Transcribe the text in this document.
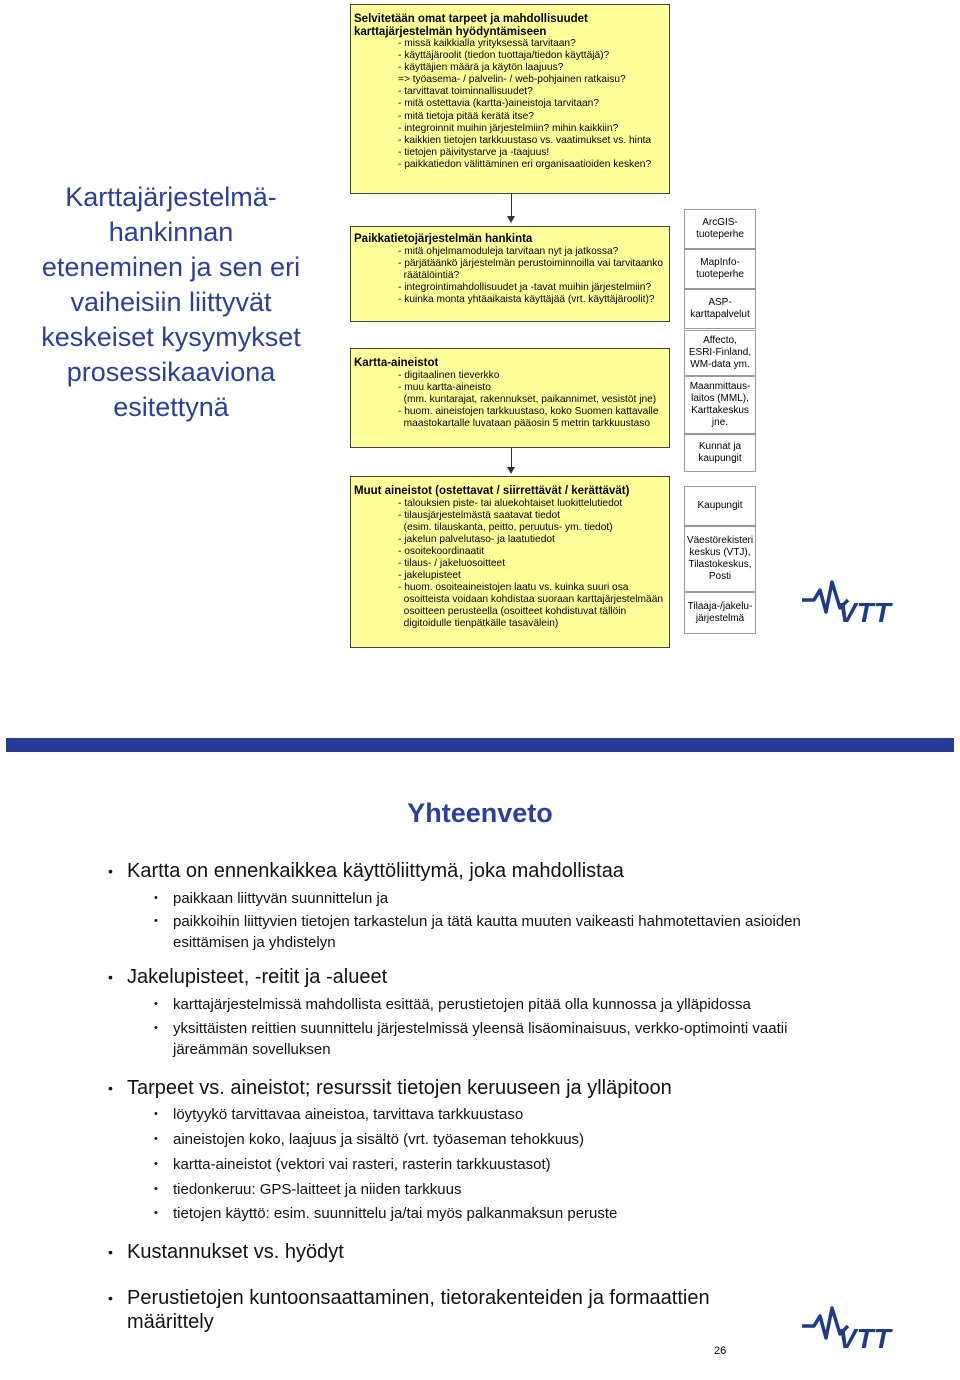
Karttajärjestelmä-
hankinnan
eteneminen ja sen eri
vaiheisiin liittyvät
keskeiset kysymykset
prosessikaaviona
esitettynä
Selvitetään omat tarpeet ja mahdollisuudet
karttajärjestelmän hyödyntämiseen
- missä kaikkialla yrityksessä tarvitaan?
- käyttäjäroolit (tiedon tuottaja/tiedon käyttäjä)?
- käyttäjien määrä ja käytön laajuus?
=> työasema- / palvelin- / web-pohjainen ratkaisu?
- tarvittavat toiminnallisuudet?
- mitä ostettavia (kartta-)aineistoja tarvitaan?
- mitä tietoja pitää kerätä itse?
- integroinnit muihin järjestelmiin? mihin kaikkiin?
- kaikkien tietojen tarkkuustaso vs. vaatimukset vs. hinta
- tietojen päivitystarve ja -taajuus!
- paikkatiedon välittäminen eri organisaatioiden kesken?
Paikkatietojärjestelmän hankinta
- mitä ohjelmamoduleja tarvitaan nyt ja jatkossa?
- pärjätäänkö järjestelmän perustoiminnoilla vai tarvitaanko
räätälöintiä?
- integrointimahdollisuudet ja -tavat muihin järjestelmiin?
- kuinka monta yhtäaikaista käyttäjää (vrt. käyttäjäroolit)?
Kartta-aineistot
- digitaalinen tieverkko
- muu kartta-aineisto
(mm. kuntarajat, rakennukset, paikannimet, vesistöt jne)
- huom. aineistojen tarkkuustaso, koko Suomen kattavalle
maastokartalle luvataan pääosin 5 metrin tarkkuustaso
Muut aineistot (ostettavat / siirrettävät / kerättävät)
- talouksien piste- tai aluekohtaiset luokittelutiedot
- tilausjärjestelmästä saatavat tiedot
(esim. tilauskanta, peitto, peruutus- ym. tiedot)
- jakelun palvelutaso- ja laatutiedot
- osoitekoordinaatit
- tilaus- / jakeluosoitteet
- jakelupisteet
- huom. osoiteaineistojen laatu vs. kuinka suuri osa
osoitteista voidaan kohdistaa suoraan karttajärjestelmään
osoitteen perusteella (osoitteet kohdistuvat tällöin
digitoidulle tienpätkälle tasavälein)
ArcGIS-
tuoteperhe
MapInfo-
tuoteperhe
ASP-
karttapalvelut
Affecto,
ESRI-Finland,
WM-data ym.
Maanmittaus-
laitos (MML),
Karttakeskus
jne.
Kunnat ja
kaupungit
Kaupungit
Väestörekisteri
keskus (VTJ),
Tilastokeskus,
Posti
Tilaaja-/jakelu-
järjestelmä	VTT
Yhteenveto
• Kartta on ennenkaikkea käyttöliittymä, joka mahdollistaa
• paikkaan liittyvän suunnittelun ja
• paikkoihin liittyvien tietojen tarkastelun ja tätä kautta muuten vaikeasti hahmotettavien asioiden esittämisen ja yhdistelyn
• Jakelupisteet, -reitit ja -alueet
• karttajärjestelmissä mahdollista esittää, perustietojen pitää olla kunnossa ja ylläpidossa
• yksittäisten reittien suunnittelu järjestelmissä yleensä lisäominaisuus, verkko-optimointi vaatii järeämmän sovelluksen
• Tarpeet vs. aineistot; resurssit tietojen keruuseen ja ylläpitoon
• löytyykö tarvittavaa aineistoa, tarvittava tarkkuustaso
• aineistojen koko, laajuus ja sisältö (vrt. työaseman tehokkuus)
• kartta-aineistot (vektori vai rasteri, rasterin tarkkuustasot)
• tiedonkeruu: GPS-laitteet ja niiden tarkkuus
• tietojen käyttö: esim. suunnittelu ja/tai myös palkanmaksun peruste
• Kustannukset vs. hyödyt
• Perustietojen kuntoonsaattaminen, tietorakenteiden ja formaattien määrittely
26	VTT
